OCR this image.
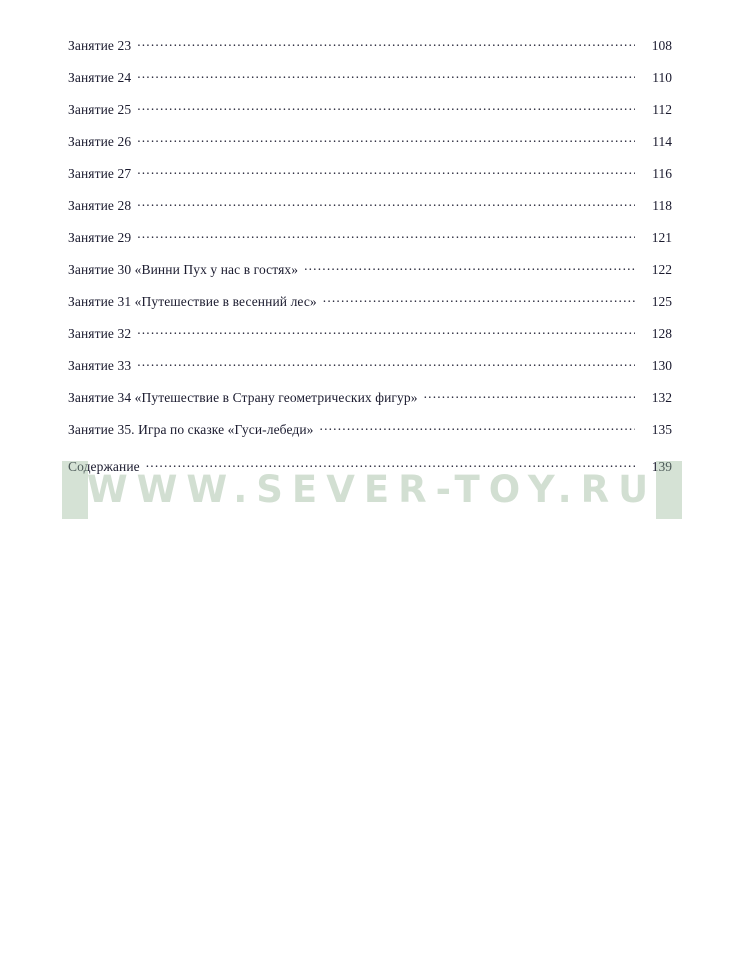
Занятие 23 . . .	108
Занятие 24 . . .	110
Занятие 25 . . .	112
Занятие 26 . . .	114
Занятие 27 . . .	116
Занятие 28 . . .	118
Занятие 29 . . .	121
Занятие 30 «Винни Пух у нас в гостях» . . .	122
Занятие 31 «Путешествие в весенний лес» . . .	125
Занятие 32 . . .	128
Занятие 33 . . .	130
Занятие 34 «Путешествие в Страну геометрических фигур» . . .	132
Занятие 35. Игра по сказке «Гуси-лебеди» . . .	135
Содержание . . .	139
WWW.SEVER-TOY.RU
